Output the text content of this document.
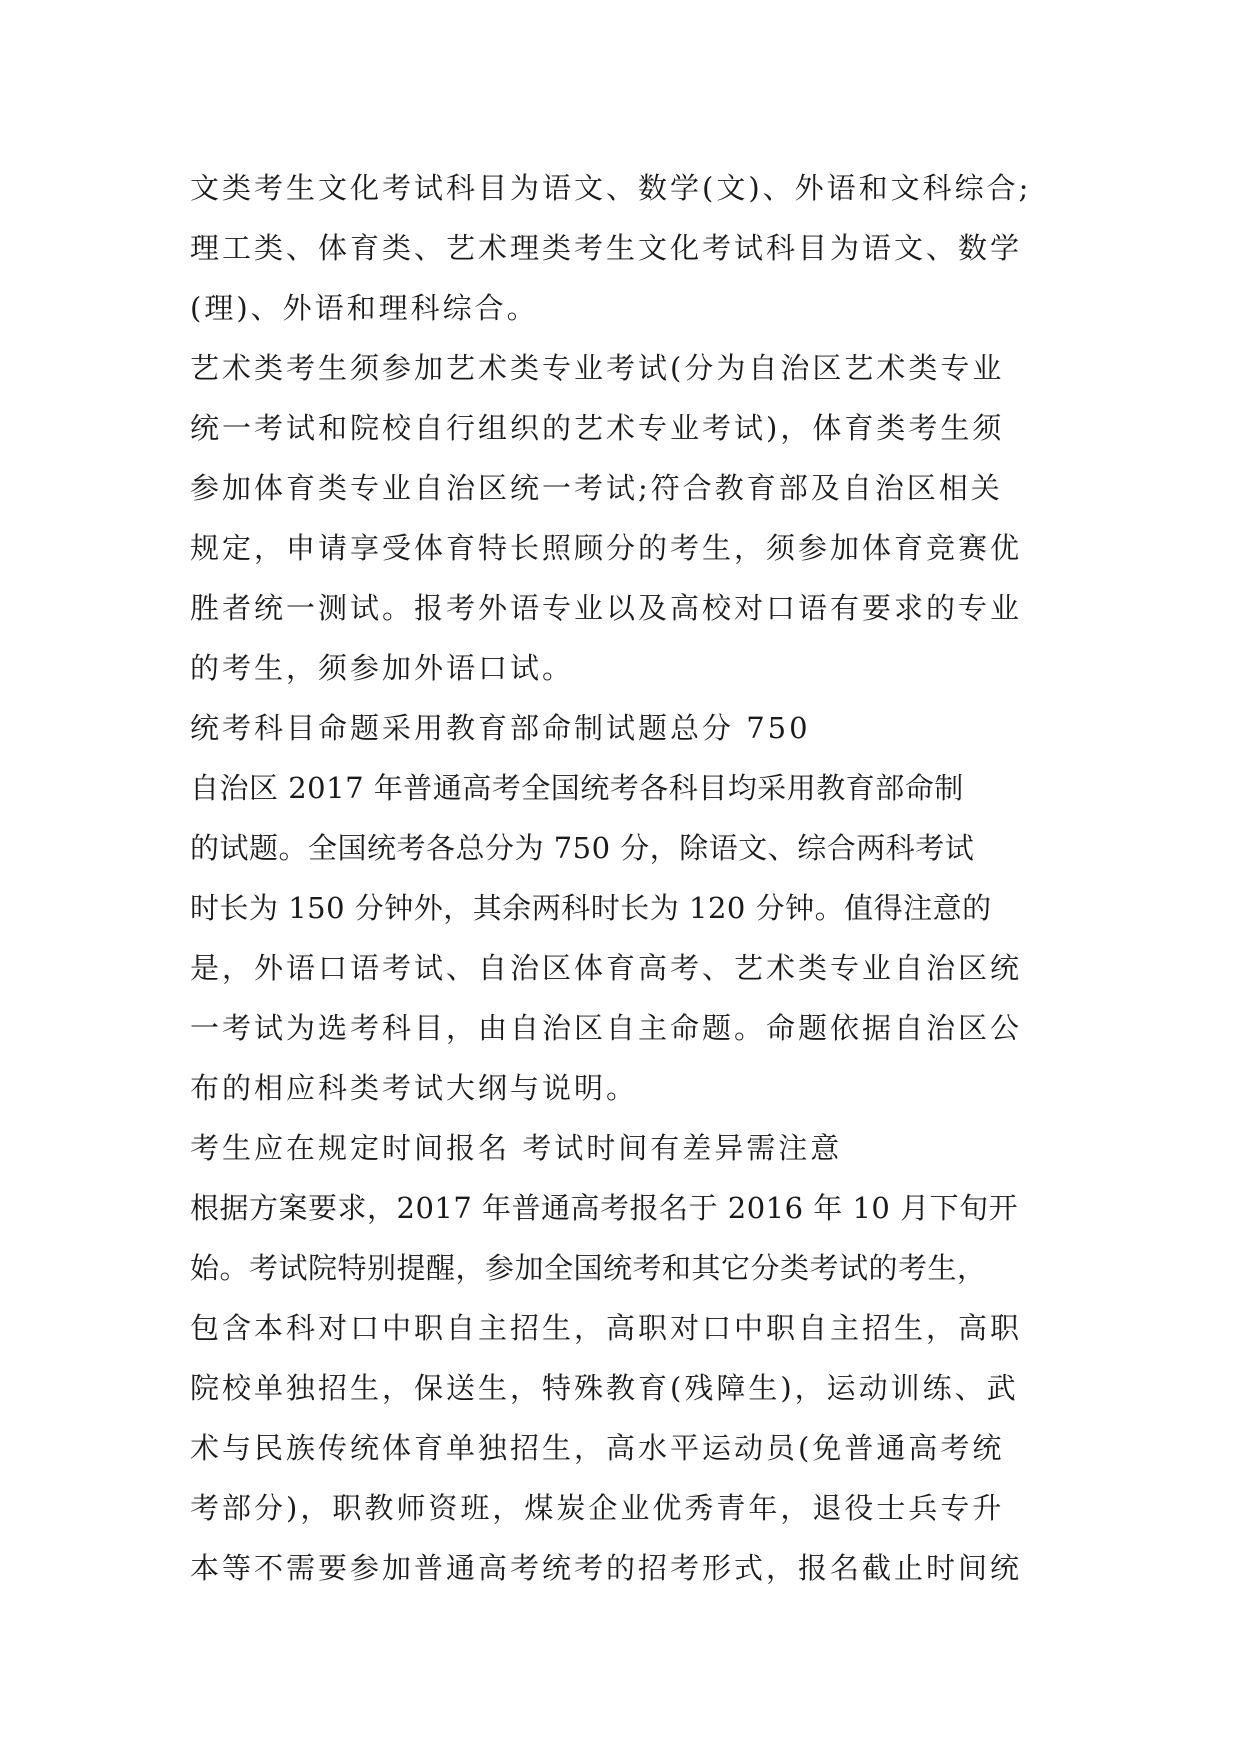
文类考生文化考试科目为语文、数学(文)、外语和文科综合;
理工类、体育类、艺术理类考生文化考试科目为语文、数学
(理)、外语和理科综合。
艺术类考生须参加艺术类专业考试(分为自治区艺术类专业
统一考试和院校自行组织的艺术专业考试)，体育类考生须
参加体育类专业自治区统一考试;符合教育部及自治区相关
规定，申请享受体育特长照顾分的考生，须参加体育竞赛优
胜者统一测试。报考外语专业以及高校对口语有要求的专业
的考生，须参加外语口试。
统考科目命题采用教育部命制试题总分 750
自治区 2017 年普通高考全国统考各科目均采用教育部命制
的试题。全国统考各总分为 750 分，除语文、综合两科考试
时长为 150 分钟外，其余两科时长为 120 分钟。值得注意的
是，外语口语考试、自治区体育高考、艺术类专业自治区统
一考试为选考科目，由自治区自主命题。命题依据自治区公
布的相应科类考试大纲与说明。
考生应在规定时间报名 考试时间有差异需注意
根据方案要求，2017 年普通高考报名于 2016 年 10 月下旬开
始。考试院特别提醒，参加全国统考和其它分类考试的考生，
包含本科对口中职自主招生，高职对口中职自主招生，高职
院校单独招生，保送生，特殊教育(残障生)，运动训练、武
术与民族传统体育单独招生，高水平运动员(免普通高考统
考部分)，职教师资班，煤炭企业优秀青年，退役士兵专升
本等不需要参加普通高考统考的招考形式，报名截止时间统
